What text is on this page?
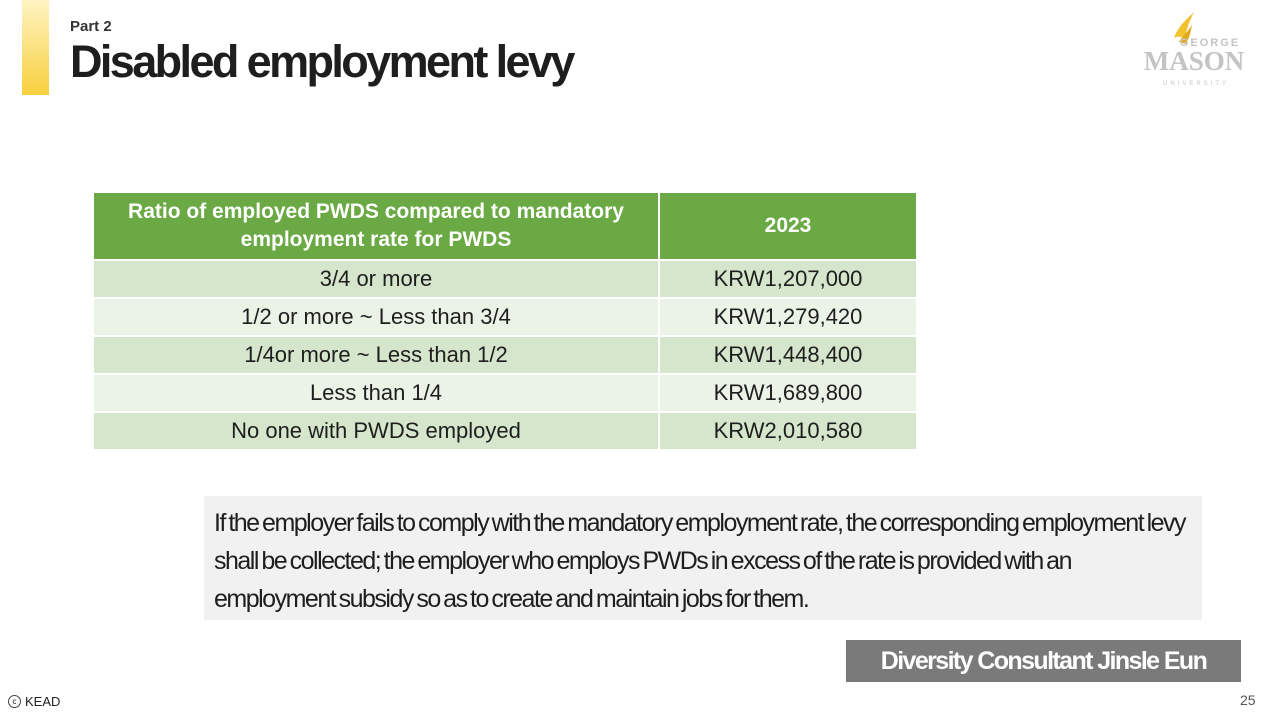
Part 2
Disabled employment levy	GEORGE
MASON
UNIVERSITY
Ratio of employed PWDS compared to mandatory employment rate for PWDS	2023
3/4 or more	KRW1,207,000
1/2 or more ~ Less than 3/4	KRW1,279,420
1/4or more ~ Less than 1/2	KRW1,448,400
Less than 1/4	KRW1,689,800
No one with PWDS employed	KRW2,010,580

If the employer fails to comply with the mandatory employment rate, the corresponding employment levy shall be collected; the employer who employs PWDs in excess of the rate is provided with an employment subsidy so as to create and maintain jobs for them.

Diversity Consultant Jinsle Eun
c KEAD	25
